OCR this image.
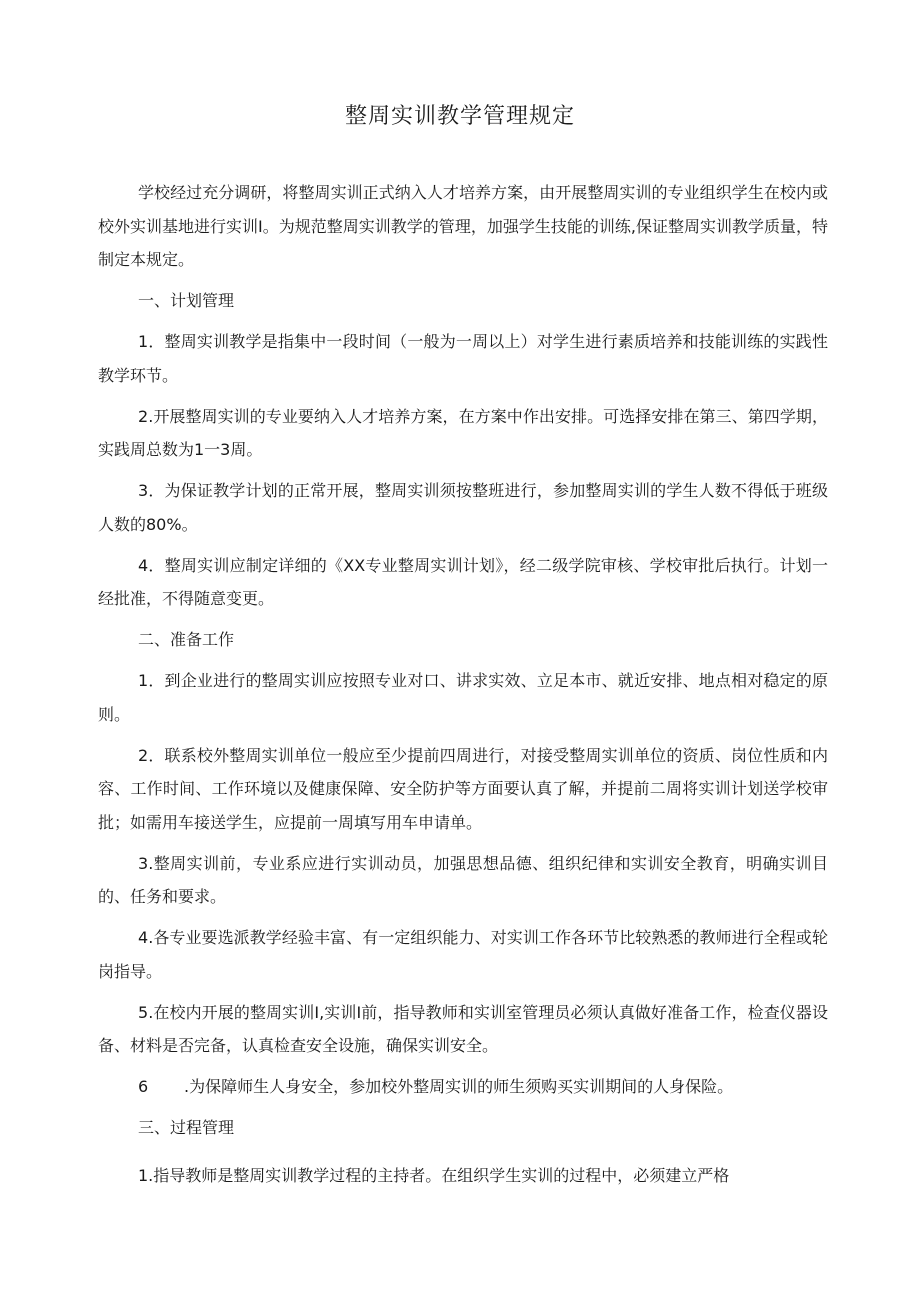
整周实训教学管理规定

学校经过充分调研，将整周实训正式纳入人才培养方案，由开展整周实训的专业组织学生在校内或校外实训基地进行实训I。为规范整周实训教学的管理，加强学生技能的训练,保证整周实训教学质量，特制定本规定。

一、计划管理

1．整周实训教学是指集中一段时间（一般为一周以上）对学生进行素质培养和技能训练的实践性教学环节。

2.开展整周实训的专业要纳入人才培养方案，在方案中作出安排。可选择安排在第三、第四学期，实践周总数为1一3周。

3．为保证教学计划的正常开展，整周实训须按整班进行，参加整周实训的学生人数不得低于班级人数的80%。

4．整周实训应制定详细的《XX专业整周实训计划》，经二级学院审核、学校审批后执行。计划一经批准，不得随意变更。

二、准备工作

1．到企业进行的整周实训应按照专业对口、讲求实效、立足本市、就近安排、地点相对稳定的原则。

2．联系校外整周实训单位一般应至少提前四周进行，对接受整周实训单位的资质、岗位性质和内容、工作时间、工作环境以及健康保障、安全防护等方面要认真了解，并提前二周将实训计划送学校审批；如需用车接送学生，应提前一周填写用车申请单。

3.整周实训前，专业系应进行实训动员，加强思想品德、组织纪律和实训安全教育，明确实训目的、任务和要求。

4.各专业要选派教学经验丰富、有一定组织能力、对实训工作各环节比较熟悉的教师进行全程或轮岗指导。

5.在校内开展的整周实训I,实训I前，指导教师和实训室管理员必须认真做好准备工作，检查仪器设备、材料是否完备，认真检查安全设施，确保实训安全。

6 .为保障师生人身安全，参加校外整周实训的师生须购买实训期间的人身保险。

三、过程管理

1.指导教师是整周实训教学过程的主持者。在组织学生实训的过程中，必须建立严格
